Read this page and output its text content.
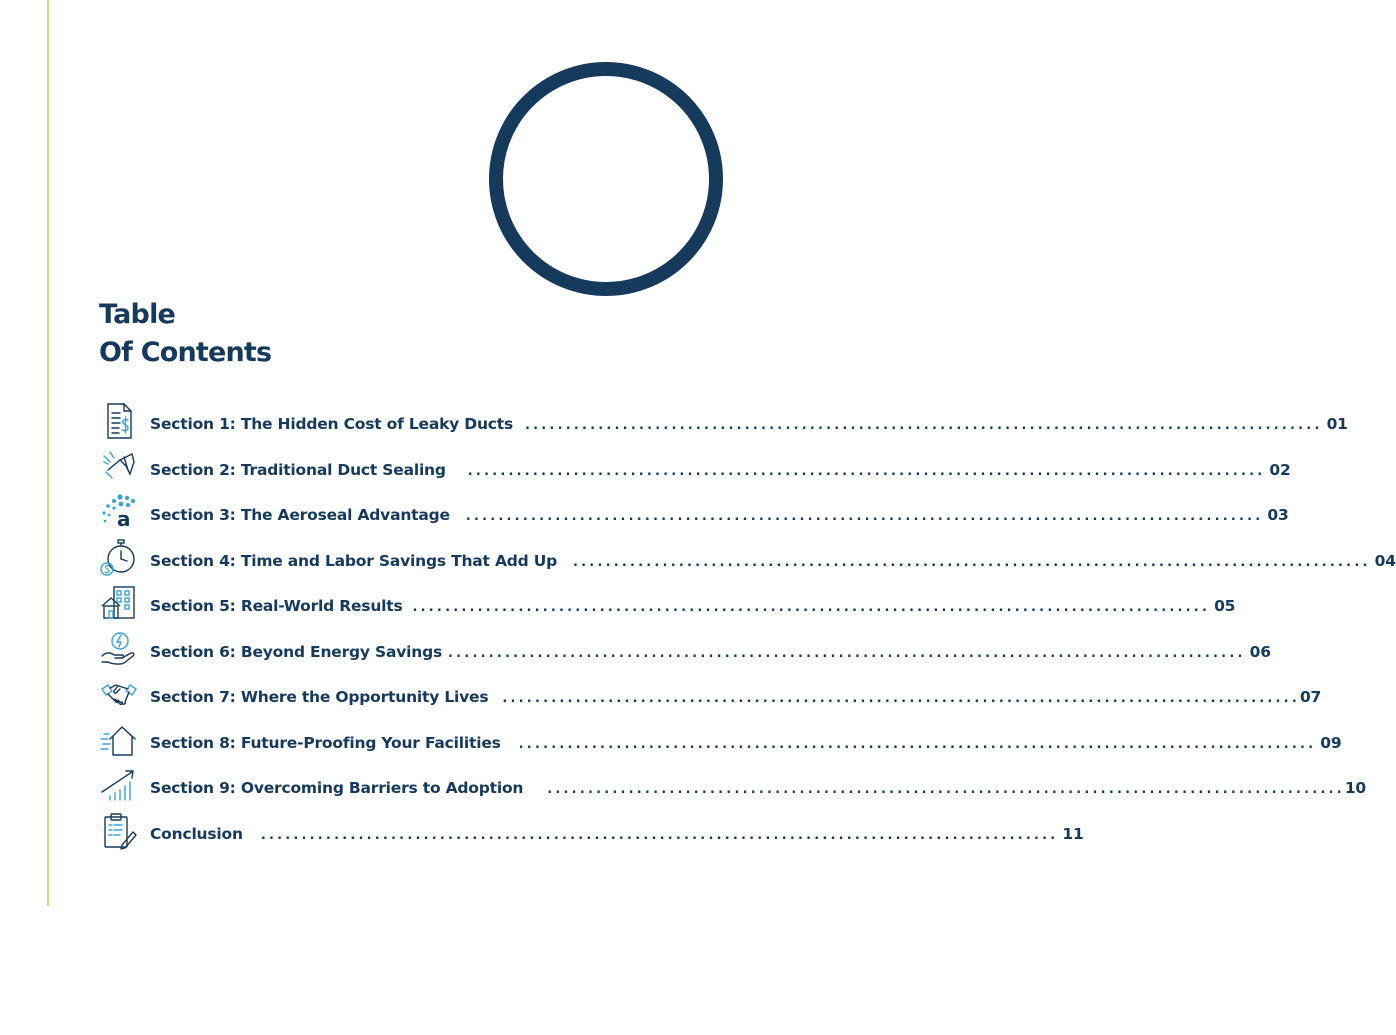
Table
Of Contents
Section 1: The Hidden Cost of Leaky Ducts .................................................................................................. 01
Section 2: Traditional Duct Sealing .................................................................................................. 02
a Section 3: The Aeroseal Advantage .................................................................................................. 03
Section 4: Time and Labor Savings That Add Up .................................................................................................. 04
Section 5: Real-World Results .................................................................................................. 05
Section 6: Beyond Energy Savings .................................................................................................. 06
Section 7: Where the Opportunity Lives .................................................................................................. 07
Section 8: Future-Proofing Your Facilities .................................................................................................. 09
Section 9: Overcoming Barriers to Adoption .................................................................................................. 10
Conclusion .................................................................................................. 11
